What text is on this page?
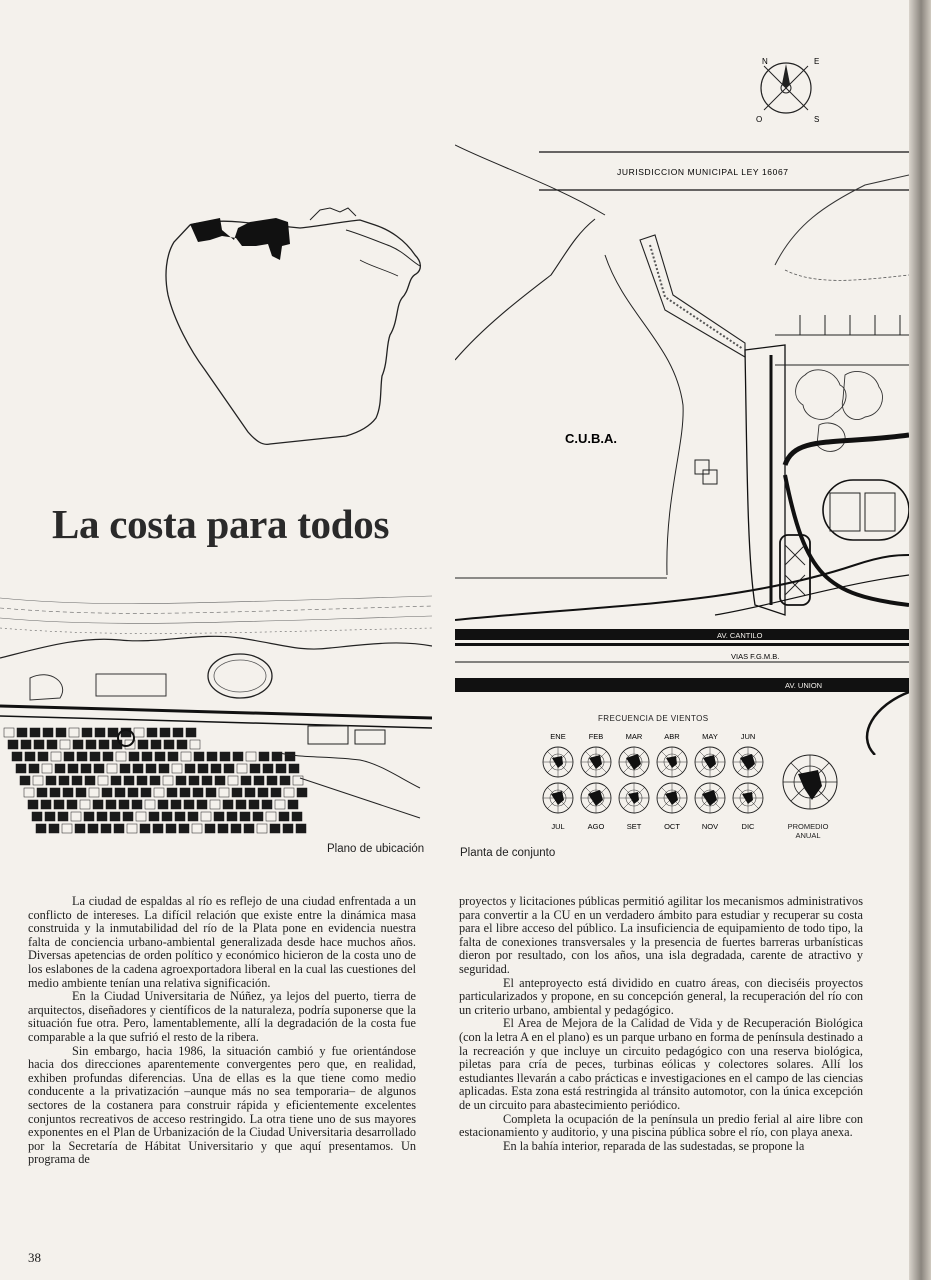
N	E
S
O
JURISDICCION MUNICIPAL LEY 16067
C.U.B.A.
AV. CANTILO
VIAS F.G.M.B.
AV. UNION
FRECUENCIA DE VIENTOS
ENE	FEB	MAR	ABR	MAY	JUN
JUL	AGO	SET	OCT	NOV	DIC	PROMEDIO
ANUAL
Plano de ubicación	Planta de conjunto
La costa para todos

La ciudad de espaldas al río es reflejo de una ciudad enfrentada a un conflicto de intereses. La difícil relación que existe entre la dinámica masa construida y la inmutabilidad del río de la Plata pone en evidencia nuestra falta de conciencia urbano-ambiental generalizada desde hace muchos años. Diversas apetencias de orden político y económico hicieron de la costa uno de los eslabones de la cadena agroexportadora liberal en la cual las cuestiones del medio ambiente tenían una relativa significación.

En la Ciudad Universitaria de Núñez, ya lejos del puerto, tierra de arquitectos, diseñadores y científicos de la naturaleza, podría suponerse que la situación fue otra. Pero, lamentablemente, allí la degradación de la costa fue comparable a la que sufrió el resto de la ribera.

Sin embargo, hacia 1986, la situación cambió y fue orientándose hacia dos direcciones aparentemente convergentes pero que, en realidad, exhiben profundas diferencias. Una de ellas es la que tiene como medio conducente a la privatización –aunque más no sea temporaria– de algunos sectores de la costanera para construir rápida y eficientemente excelentes conjuntos recreativos de acceso restringido. La otra tiene uno de sus mayores exponentes en el Plan de Urbanización de la Ciudad Universitaria desarrollado por la Secretaría de Hábitat Universitario y que aquí presentamos. Un programa de

proyectos y licitaciones públicas permitió agilitar los mecanismos administrativos para convertir a la CU en un verdadero ámbito para estudiar y recuperar su costa para el libre acceso del público. La insuficiencia de equipamiento de todo tipo, la falta de conexiones transversales y la presencia de fuertes barreras urbanísticas dieron por resultado, con los años, una isla degradada, carente de atractivo y seguridad.

El anteproyecto está dividido en cuatro áreas, con dieciséis proyectos particularizados y propone, en su concepción general, la recuperación del río con un criterio urbano, ambiental y pedagógico.

El Area de Mejora de la Calidad de Vida y de Recuperación Biológica (con la letra A en el plano) es un parque urbano en forma de península destinado a la recreación y que incluye un circuito pedagógico con una reserva biológica, piletas para cría de peces, turbinas eólicas y colectores solares. Allí los estudiantes llevarán a cabo prácticas e investigaciones en el campo de las ciencias aplicadas. Esta zona está restringida al tránsito automotor, con la única excepción de un circuito para abastecimiento periódico.

Completa la ocupación de la península un predio ferial al aire libre con estacionamiento y auditorio, y una piscina pública sobre el río, con playa anexa.

En la bahía interior, reparada de las sudestadas, se propone la

38
